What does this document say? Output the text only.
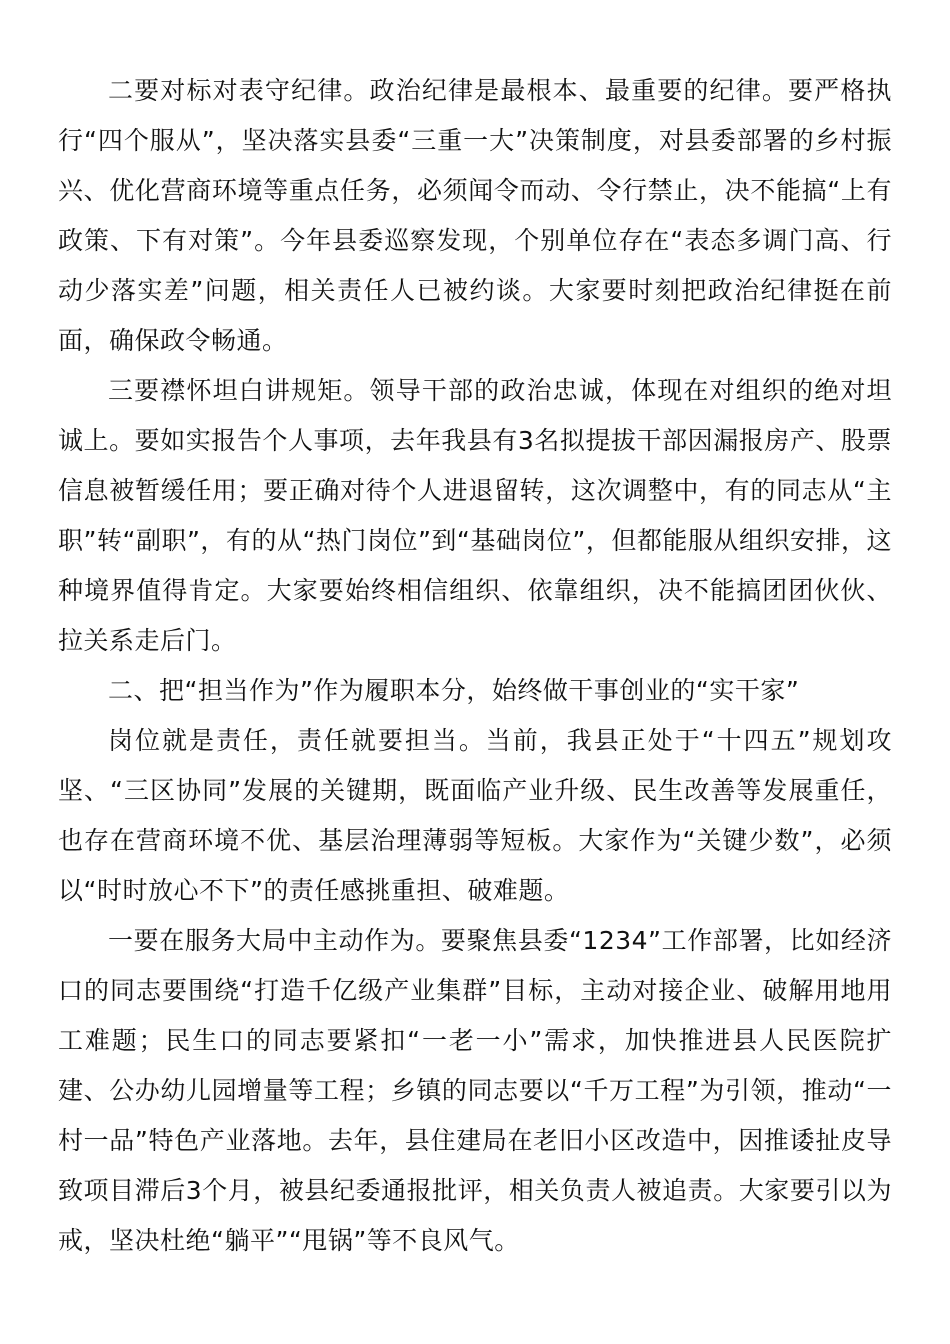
二要对标对表守纪律。政治纪律是最根本、最重要的纪律。要严格执行“四个服从”，坚决落实县委“三重一大”决策制度，对县委部署的乡村振兴、优化营商环境等重点任务，必须闻令而动、令行禁止，决不能搞“上有政策、下有对策”。今年县委巡察发现，个别单位存在“表态多调门高、行动少落实差”问题，相关责任人已被约谈。大家要时刻把政治纪律挺在前面，确保政令畅通。

三要襟怀坦白讲规矩。领导干部的政治忠诚，体现在对组织的绝对坦诚上。要如实报告个人事项，去年我县有3名拟提拔干部因漏报房产、股票信息被暂缓任用；要正确对待个人进退留转，这次调整中，有的同志从“主职”转“副职”，有的从“热门岗位”到“基础岗位”，但都能服从组织安排，这种境界值得肯定。大家要始终相信组织、依靠组织，决不能搞团团伙伙、拉关系走后门。

二、把“担当作为”作为履职本分，始终做干事创业的“实干家”

岗位就是责任，责任就要担当。当前，我县正处于“十四五”规划攻坚、“三区协同”发展的关键期，既面临产业升级、民生改善等发展重任，也存在营商环境不优、基层治理薄弱等短板。大家作为“关键少数”，必须以“时时放心不下”的责任感挑重担、破难题。

一要在服务大局中主动作为。要聚焦县委“1234”工作部署，比如经济口的同志要围绕“打造千亿级产业集群”目标，主动对接企业、破解用地用工难题；民生口的同志要紧扣“一老一小”需求，加快推进县人民医院扩建、公办幼儿园增量等工程；乡镇的同志要以“千万工程”为引领，推动“一村一品”特色产业落地。去年，县住建局在老旧小区改造中，因推诿扯皮导致项目滞后3个月，被县纪委通报批评，相关负责人被追责。大家要引以为戒，坚决杜绝“躺平”“甩锅”等不良风气。
